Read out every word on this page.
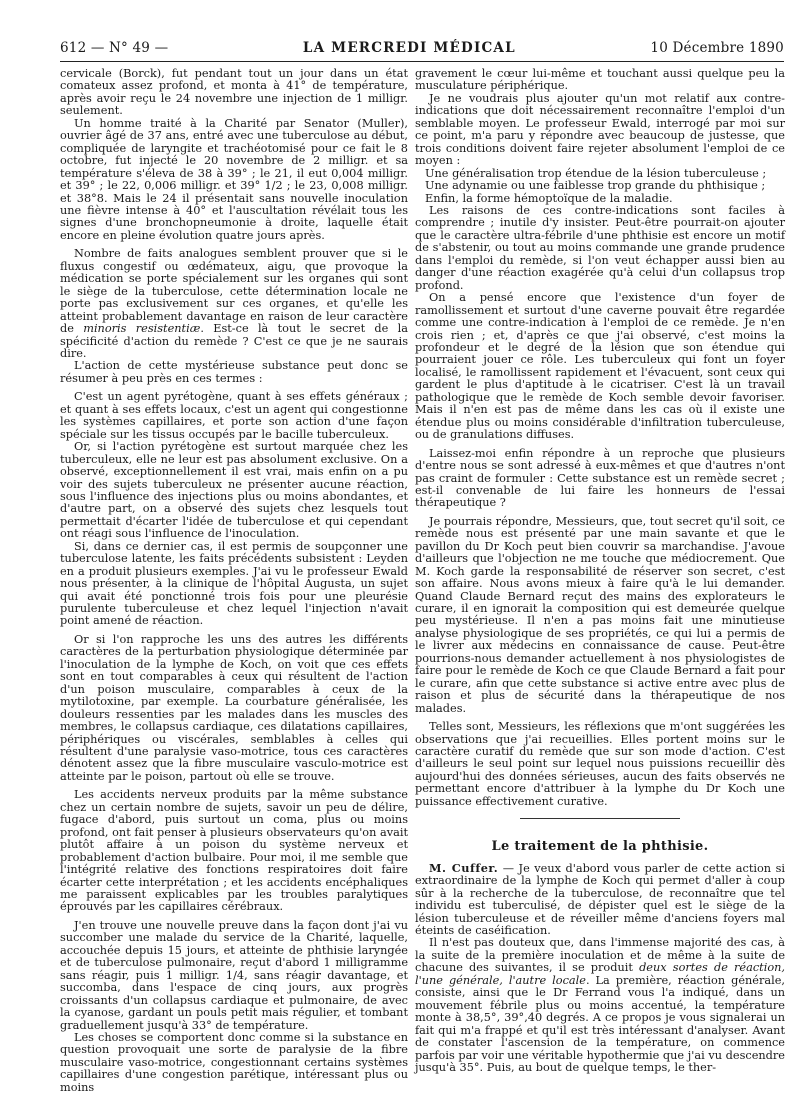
612 — N° 49 —	LA MERCREDI MÉDICAL	10 Décembre 1890

cervicale (Borck), fut pendant tout un jour dans un état comateux assez profond, et monta à 41° de température, après avoir reçu le 24 novembre une injection de 1 milligr. seulement.

Un homme traité à la Charité par Senator (Muller), ouvrier âgé de 37 ans, entré avec une tuberculose au début, compliquée de laryngite et trachéotomisé pour ce fait le 8 octobre, fut injecté le 20 novembre de 2 milligr. et sa température s'éleva de 38 à 39° ; le 21, il eut 0,004 milligr. et 39° ; le 22, 0,006 milligr. et 39° 1/2 ; le 23, 0,008 milligr. et 38°8. Mais le 24 il présentait sans nouvelle inoculation une fièvre intense à 40° et l'auscultation révélait tous les signes d'une bronchopneumonie à droite, laquelle était encore en pleine évolution quatre jours après.

Nombre de faits analogues semblent prouver que si le fluxus congestif ou œdémateux, aigu, que provoque la médication se porte spécialement sur les organes qui sont le siège de la tuberculose, cette détermination locale ne porte pas exclusivement sur ces organes, et qu'elle les atteint probablement davantage en raison de leur caractère de minoris resistentiæ. Est-ce là tout le secret de la spécificité d'action du remède ? C'est ce que je ne saurais dire.

L'action de cette mystérieuse substance peut donc se résumer à peu près en ces termes :

C'est un agent pyrétogène, quant à ses effets généraux ; et quant à ses effets locaux, c'est un agent qui congestionne les systèmes capillaires, et porte son action d'une façon spéciale sur les tissus occupés par le bacille tuberculeux.

Or, si l'action pyrétogène est surtout marquée chez les tuberculeux, elle ne leur est pas absolument exclusive. On a observé, exceptionnellement il est vrai, mais enfin on a pu voir des sujets tuberculeux ne présenter aucune réaction, sous l'influence des injections plus ou moins abondantes, et d'autre part, on a observé des sujets chez lesquels tout permettait d'écarter l'idée de tuberculose et qui cependant ont réagi sous l'influence de l'inoculation.

Si, dans ce dernier cas, il est permis de soupçonner une tuberculose latente, les faits précédents subsistent : Leyden en a produit plusieurs exemples. J'ai vu le professeur Ewald nous présenter, à la clinique de l'hôpital Augusta, un sujet qui avait été ponctionné trois fois pour une pleurésie purulente tuberculeuse et chez lequel l'injection n'avait point amené de réaction.

Or si l'on rapproche les uns des autres les différents caractères de la perturbation physiologique déterminée par l'inoculation de la lymphe de Koch, on voit que ces effets sont en tout comparables à ceux qui résultent de l'action d'un poison musculaire, comparables à ceux de la mytilotoxine, par exemple. La courbature généralisée, les douleurs ressenties par les malades dans les muscles des membres, le collapsus cardiaque, ces dilatations capillaires, périphériques ou viscérales, semblables à celles qui résultent d'une paralysie vaso-motrice, tous ces caractères dénotent assez que la fibre musculaire vasculo-motrice est atteinte par le poison, partout où elle se trouve.

Les accidents nerveux produits par la même substance chez un certain nombre de sujets, savoir un peu de délire, fugace d'abord, puis surtout un coma, plus ou moins profond, ont fait penser à plusieurs observateurs qu'on avait plutôt affaire à un poison du système nerveux et probablement d'action bulbaire. Pour moi, il me semble que l'intégrité relative des fonctions respiratoires doit faire écarter cette interprétation ; et les accidents encéphaliques me paraissent explicables par les troubles paralytiques éprouvés par les capillaires cérébraux.

J'en trouve une nouvelle preuve dans la façon dont j'ai vu succomber une malade du service de la Charité, laquelle, accouchée depuis 15 jours, et atteinte de phthisie laryngée et de tuberculose pulmonaire, reçut d'abord 1 milligramme sans réagir, puis 1 milligr. 1/4, sans réagir davantage, et succomba, dans l'espace de cinq jours, aux progrès croissants d'un collapsus cardiaque et pulmonaire, de avec la cyanose, gardant un pouls petit mais régulier, et tombant graduellement jusqu'à 33° de température.

Les choses se comportent donc comme si la substance en question provoquait une sorte de paralysie de la fibre musculaire vaso-motrice, congestionnant certains systèmes capillaires d'une congestion parétique, intéressant plus ou moins

gravement le cœur lui-même et touchant aussi quelque peu la musculature périphérique.

Je ne voudrais plus ajouter qu'un mot relatif aux contre-indications que doit nécessairement reconnaître l'emploi d'un semblable moyen. Le professeur Ewald, interrogé par moi sur ce point, m'a paru y répondre avec beaucoup de justesse, que trois conditions doivent faire rejeter absolument l'emploi de ce moyen :

Une généralisation trop étendue de la lésion tuberculeuse ;

Une adynamie ou une faiblesse trop grande du phthisique ;

Enfin, la forme hémoptoïque de la maladie.

Les raisons de ces contre-indications sont faciles à comprendre ; inutile d'y insister. Peut-être pourrait-on ajouter que le caractère ultra-fébrile d'une phthisie est encore un motif de s'abstenir, ou tout au moins commande une grande prudence dans l'emploi du remède, si l'on veut échapper aussi bien au danger d'une réaction exagérée qu'à celui d'un collapsus trop profond.

On a pensé encore que l'existence d'un foyer de ramollissement et surtout d'une caverne pouvait être regardée comme une contre-indication à l'emploi de ce remède. Je n'en crois rien ; et, d'après ce que j'ai observé, c'est moins la profondeur et le degré de la lésion que son étendue qui pourraient jouer ce rôle. Les tuberculeux qui font un foyer localisé, le ramollissent rapidement et l'évacuent, sont ceux qui gardent le plus d'aptitude à le cicatriser. C'est là un travail pathologique que le remède de Koch semble devoir favoriser. Mais il n'en est pas de même dans les cas où il existe une étendue plus ou moins considérable d'infiltration tuberculeuse, ou de granulations diffuses.

Laissez-moi enfin répondre à un reproche que plusieurs d'entre nous se sont adressé à eux-mêmes et que d'autres n'ont pas craint de formuler : Cette substance est un remède secret ; est-il convenable de lui faire les honneurs de l'essai thérapeutique ?

Je pourrais répondre, Messieurs, que, tout secret qu'il soit, ce remède nous est présenté par une main savante et que le pavillon du Dr Koch peut bien couvrir sa marchandise. J'avoue d'ailleurs que l'objection ne me touche que médiocrement. Que M. Koch garde la responsabilité de réserver son secret, c'est son affaire. Nous avons mieux à faire qu'à le lui demander. Quand Claude Bernard reçut des mains des explorateurs le curare, il en ignorait la composition qui est demeurée quelque peu mystérieuse. Il n'en a pas moins fait une minutieuse analyse physiologique de ses propriétés, ce qui lui a permis de le livrer aux médecins en connaissance de cause. Peut-être pourrions-nous demander actuellement à nos physiologistes de faire pour le remède de Koch ce que Claude Bernard a fait pour le curare, afin que cette substance si active entre avec plus de raison et plus de sécurité dans la thérapeutique de nos malades.

Telles sont, Messieurs, les réflexions que m'ont suggérées les observations que j'ai recueillies. Elles portent moins sur le caractère curatif du remède que sur son mode d'action. C'est d'ailleurs le seul point sur lequel nous puissions recueillir dès aujourd'hui des données sérieuses, aucun des faits observés ne permettant encore d'attribuer à la lymphe du Dr Koch une puissance effectivement curative.

Le traitement de la phthisie.

M. Cuffer. — Je veux d'abord vous parler de cette action si extraordinaire de la lymphe de Koch qui permet d'aller à coup sûr à la recherche de la tuberculose, de reconnaître que tel individu est tuberculisé, de dépister quel est le siège de la lésion tuberculeuse et de réveiller même d'anciens foyers mal éteints de caséification.

Il n'est pas douteux que, dans l'immense majorité des cas, à la suite de la première inoculation et de même à la suite de chacune des suivantes, il se produit deux sortes de réaction, l'une générale, l'autre locale. La première, réaction générale, consiste, ainsi que le Dr Ferrand vous l'a indiqué, dans un mouvement fébrile plus ou moins accentué, la température monte à 38,5°, 39°,40 degrés. A ce propos je vous signalerai un fait qui m'a frappé et qu'il est très intéressant d'analyser. Avant de constater l'ascension de la température, on commence parfois par voir une véritable hypothermie que j'ai vu descendre jusqu'à 35°. Puis, au bout de quelque temps, le ther-
